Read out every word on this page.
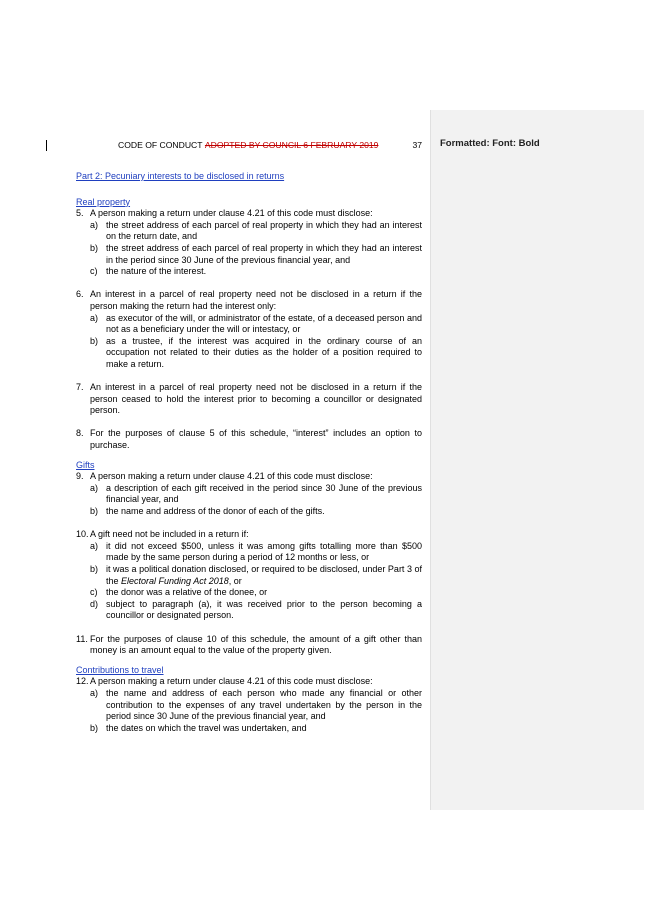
Formatted: Font: Bold
CODE OF CONDUCT ADOPTED BY COUNCIL 6 FEBRUARY 2019	37

Part 2: Pecuniary interests to be disclosed in returns

Real property

5. A person making a return under clause 4.21 of this code must disclose:
a) the street address of each parcel of real property in which they had an interest on the return date, and
b) the street address of each parcel of real property in which they had an interest in the period since 30 June of the previous financial year, and
c) the nature of the interest.
6. An interest in a parcel of real property need not be disclosed in a return if the person making the return had the interest only:
a) as executor of the will, or administrator of the estate, of a deceased person and not as a beneficiary under the will or intestacy, or
b) as a trustee, if the interest was acquired in the ordinary course of an occupation not related to their duties as the holder of a position required to make a return.
7. An interest in a parcel of real property need not be disclosed in a return if the person ceased to hold the interest prior to becoming a councillor or designated person.
8. For the purposes of clause 5 of this schedule, “interest” includes an option to purchase.

Gifts

9. A person making a return under clause 4.21 of this code must disclose:
a) a description of each gift received in the period since 30 June of the previous financial year, and
b) the name and address of the donor of each of the gifts.
10. A gift need not be included in a return if:
a) it did not exceed $500, unless it was among gifts totalling more than $500 made by the same person during a period of 12 months or less, or
b) it was a political donation disclosed, or required to be disclosed, under Part 3 of the Electoral Funding Act 2018, or
c) the donor was a relative of the donee, or
d) subject to paragraph (a), it was received prior to the person becoming a councillor or designated person.
11. For the purposes of clause 10 of this schedule, the amount of a gift other than money is an amount equal to the value of the property given.

Contributions to travel

12. A person making a return under clause 4.21 of this code must disclose:
a) the name and address of each person who made any financial or other contribution to the expenses of any travel undertaken by the person in the period since 30 June of the previous financial year, and
b) the dates on which the travel was undertaken, and
